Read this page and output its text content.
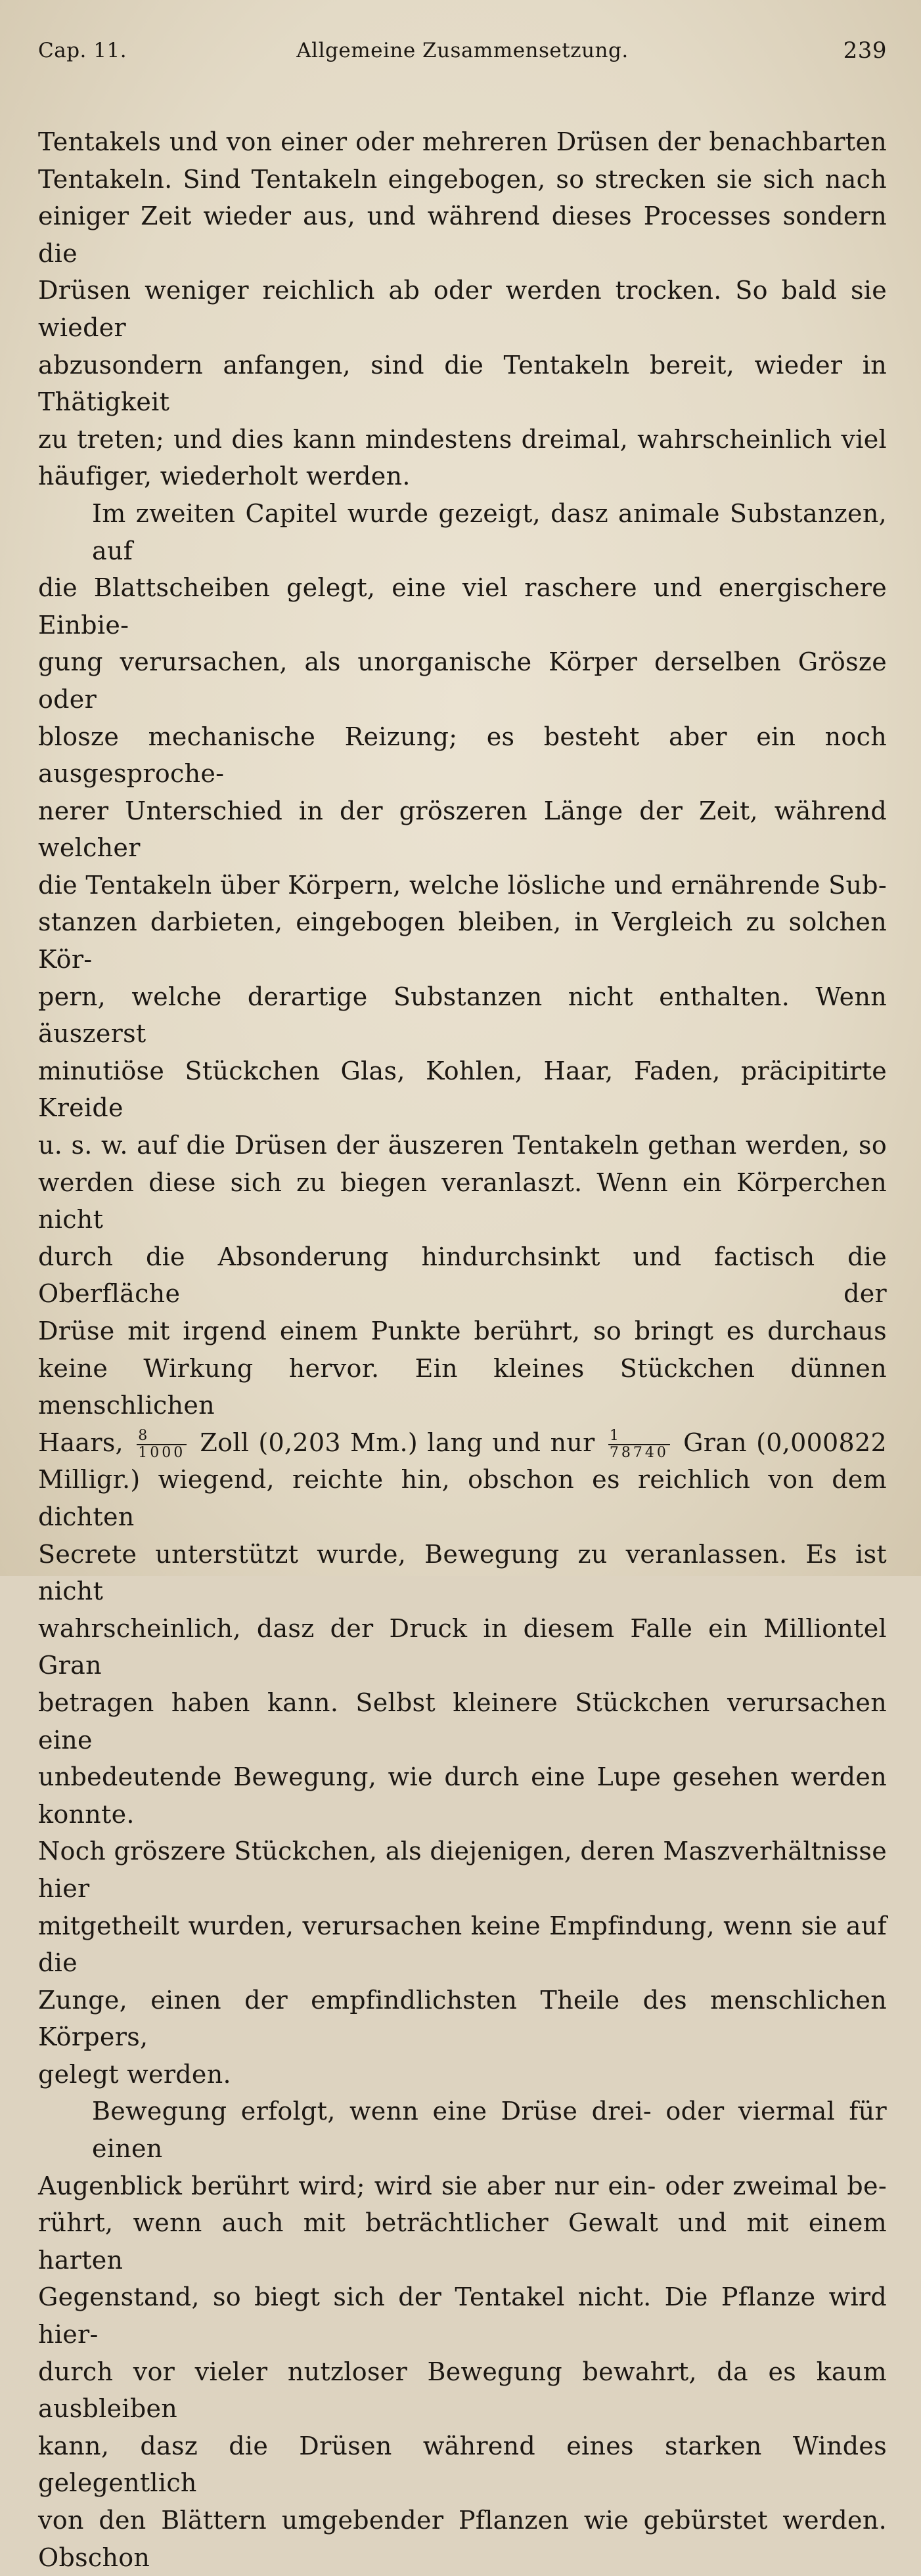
Cap. 11.	Allgemeine Zusammensetzung.	239
Tentakels und von einer oder mehreren Drüsen der benachbarten
Tentakeln. Sind Tentakeln eingebogen, so strecken sie sich nach
einiger Zeit wieder aus, und während dieses Processes sondern die
Drüsen weniger reichlich ab oder werden trocken. So bald sie wieder
abzusondern anfangen, sind die Tentakeln bereit, wieder in Thätigkeit
zu treten; und dies kann mindestens dreimal, wahrscheinlich viel
häufiger, wiederholt werden.
Im zweiten Capitel wurde gezeigt, dasz animale Substanzen, auf
die Blattscheiben gelegt, eine viel raschere und energischere Einbie-
gung verursachen, als unorganische Körper derselben Grösze oder
blosze mechanische Reizung; es besteht aber ein noch ausgesproche-
nerer Unterschied in der gröszeren Länge der Zeit, während welcher
die Tentakeln über Körpern, welche lösliche und ernährende Sub-
stanzen darbieten, eingebogen bleiben, in Vergleich zu solchen Kör-
pern, welche derartige Substanzen nicht enthalten. Wenn äuszerst
minutiöse Stückchen Glas, Kohlen, Haar, Faden, präcipitirte Kreide
u. s. w. auf die Drüsen der äuszeren Tentakeln gethan werden, so
werden diese sich zu biegen veranlaszt. Wenn ein Körperchen nicht
durch die Absonderung hindurchsinkt und factisch die Oberfläche der
Drüse mit irgend einem Punkte berührt, so bringt es durchaus
keine Wirkung hervor. Ein kleines Stückchen dünnen menschlichen
Haars, $\frac{8}{1000}$ Zoll (0,203 Mm.) lang und nur $\frac{1}{78740}$ Gran (0,000822
Milligr.) wiegend, reichte hin, obschon es reichlich von dem dichten
Secrete unterstützt wurde, Bewegung zu veranlassen. Es ist nicht
wahrscheinlich, dasz der Druck in diesem Falle ein Milliontel Gran
betragen haben kann. Selbst kleinere Stückchen verursachen eine
unbedeutende Bewegung, wie durch eine Lupe gesehen werden konnte.
Noch gröszere Stückchen, als diejenigen, deren Maszverhältnisse hier
mitgetheilt wurden, verursachen keine Empfindung, wenn sie auf die
Zunge, einen der empfindlichsten Theile des menschlichen Körpers,
gelegt werden.
Bewegung erfolgt, wenn eine Drüse drei- oder viermal für einen
Augenblick berührt wird; wird sie aber nur ein- oder zweimal be-
rührt, wenn auch mit beträchtlicher Gewalt und mit einem harten
Gegenstand, so biegt sich der Tentakel nicht. Die Pflanze wird hier-
durch vor vieler nutzloser Bewegung bewahrt, da es kaum ausbleiben
kann, dasz die Drüsen während eines starken Windes gelegentlich
von den Blättern umgebender Pflanzen wie gebürstet werden. Obschon
